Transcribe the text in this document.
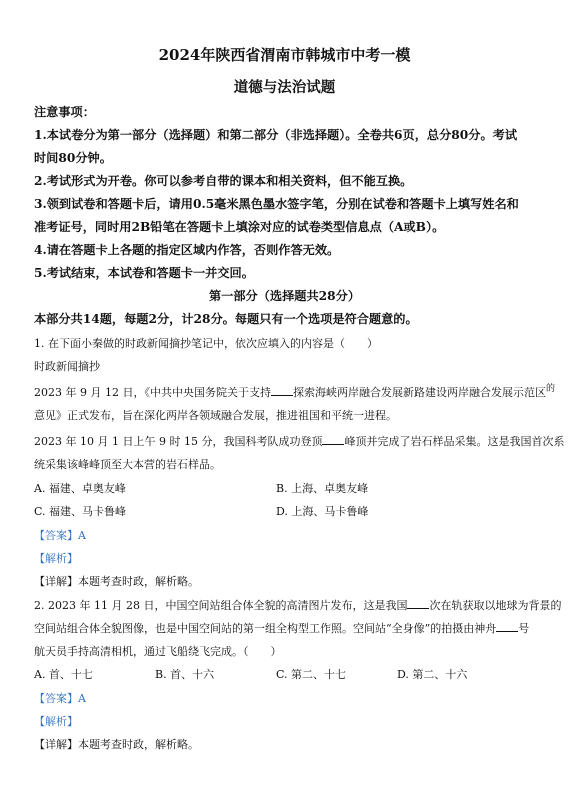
2024年陕西省渭南市韩城市中考一模
道德与法治试题
注意事项：
1.本试卷分为第一部分（选择题）和第二部分（非选择题）。全卷共6页，总分80分。考试
时间80分钟。
2.考试形式为开卷。你可以参考自带的课本和相关资料，但不能互换。
3.领到试卷和答题卡后，请用0.5毫米黑色墨水签字笔，分别在试卷和答题卡上填写姓名和
准考证号，同时用2B铅笔在答题卡上填涂对应的试卷类型信息点（A或B）。
4.请在答题卡上各题的指定区域内作答，否则作答无效。
5.考试结束，本试卷和答题卡一并交回。
第一部分（选择题共28分）
本部分共14题，每题2分，计28分。每题只有一个选项是符合题意的。
1. 在下面小秦做的时政新闻摘抄笔记中，依次应填入的内容是（　　）
时政新闻摘抄
2023 年 9 月 12 日，《中共中央国务院关于支持 探索海峡两岸融合发展新路建设两岸融合发展示范区$^的$
意见》正式发布，旨在深化两岸各领域融合发展，推进祖国和平统一进程。
2023 年 10 月 1 日上午 9 时 15 分，我国科考队成功登顶 峰顶并完成了岩石样品采集。这是我国首次系
统采集该峰峰顶至大本营的岩石样品。
A. 福建、卓奥友峰	B. 上海、卓奥友峰
C. 福建、马卡鲁峰	D. 上海、马卡鲁峰
【答案】A
【解析】
【详解】本题考查时政，解析略。
2. 2023 年 11 月 28 日，中国空间站组合体全貌的高清图片发布，这是我国 次在轨获取以地球为背景的
空间站组合体全貌图像，也是中国空间站的第一组全构型工作照。空间站“全身像”的拍摄由神舟 号
航天员手持高清相机，通过飞船绕飞完成。（　　）
A. 首、十七	B. 首、十六	C. 第二、十七	D. 第二、十六
【答案】A
【解析】
【详解】本题考查时政，解析略。
